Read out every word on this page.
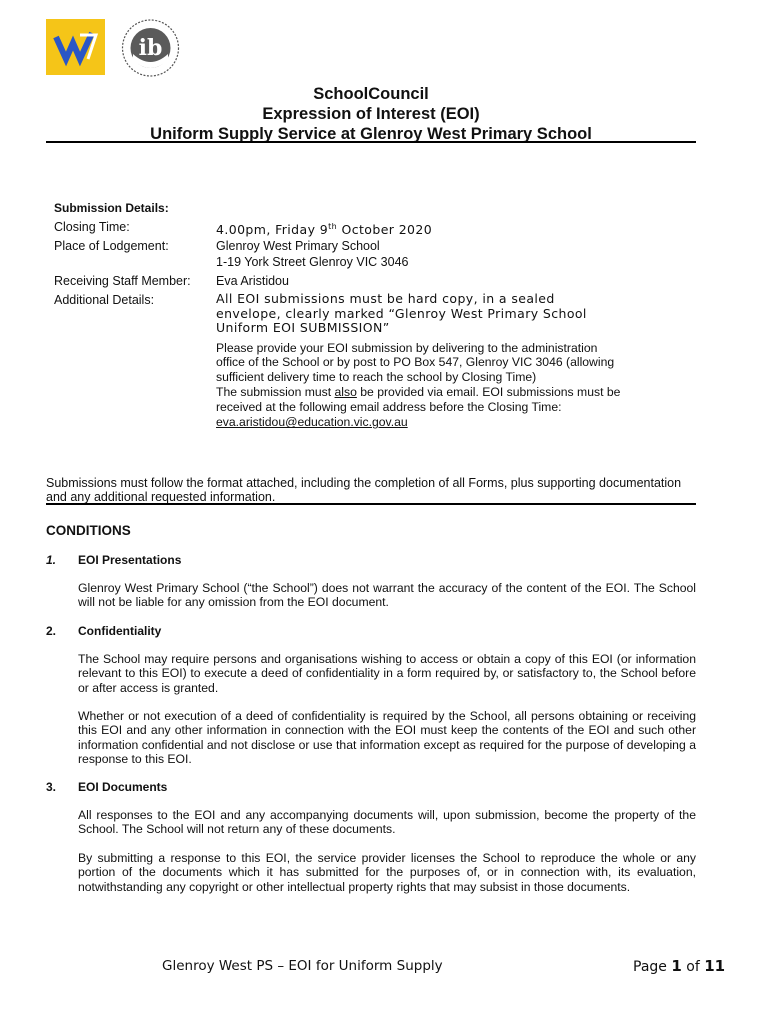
ib
SchoolCouncil
Expression of Interest (EOI)
Uniform Supply Service at Glenroy West Primary School
Submission Details:
Closing Time:	4.00pm, Friday 9th October 2020
Place of Lodgement:	Glenroy West Primary School
1-19 York Street Glenroy VIC 3046
Receiving Staff Member: Eva Aristidou
Additional Details:	All EOI submissions must be hard copy, in a sealed envelope, clearly marked “Glenroy West Primary School Uniform EOI SUBMISSION”
Please provide your EOI submission by delivering to the administration office of the School or by post to PO Box 547, Glenroy VIC 3046 (allowing sufficient delivery time to reach the school by Closing Time)
The submission must also be provided via email. EOI submissions must be received at the following email address before the Closing Time:
eva.aristidou@education.vic.gov.au
Submissions must follow the format attached, including the completion of all Forms, plus supporting documentation and any additional requested information.
CONDITIONS
1. EOI Presentations
Glenroy West Primary School (“the School”) does not warrant the accuracy of the content of the EOI. The School will not be liable for any omission from the EOI document.
2. Confidentiality
The School may require persons and organisations wishing to access or obtain a copy of this EOI (or information relevant to this EOI) to execute a deed of confidentiality in a form required by, or satisfactory to, the School before or after access is granted.
Whether or not execution of a deed of confidentiality is required by the School, all persons obtaining or receiving this EOI and any other information in connection with the EOI must keep the contents of the EOI and such other information confidential and not disclose or use that information except as required for the purpose of developing a response to this EOI.
3. EOI Documents
All responses to the EOI and any accompanying documents will, upon submission, become the property of the School. The School will not return any of these documents.
By submitting a response to this EOI, the service provider licenses the School to reproduce the whole or any portion of the documents which it has submitted for the purposes of, or in connection with, its evaluation, notwithstanding any copyright or other intellectual property rights that may subsist in those documents.
Glenroy West PS – EOI for Uniform Supply	Page 1 of 11
